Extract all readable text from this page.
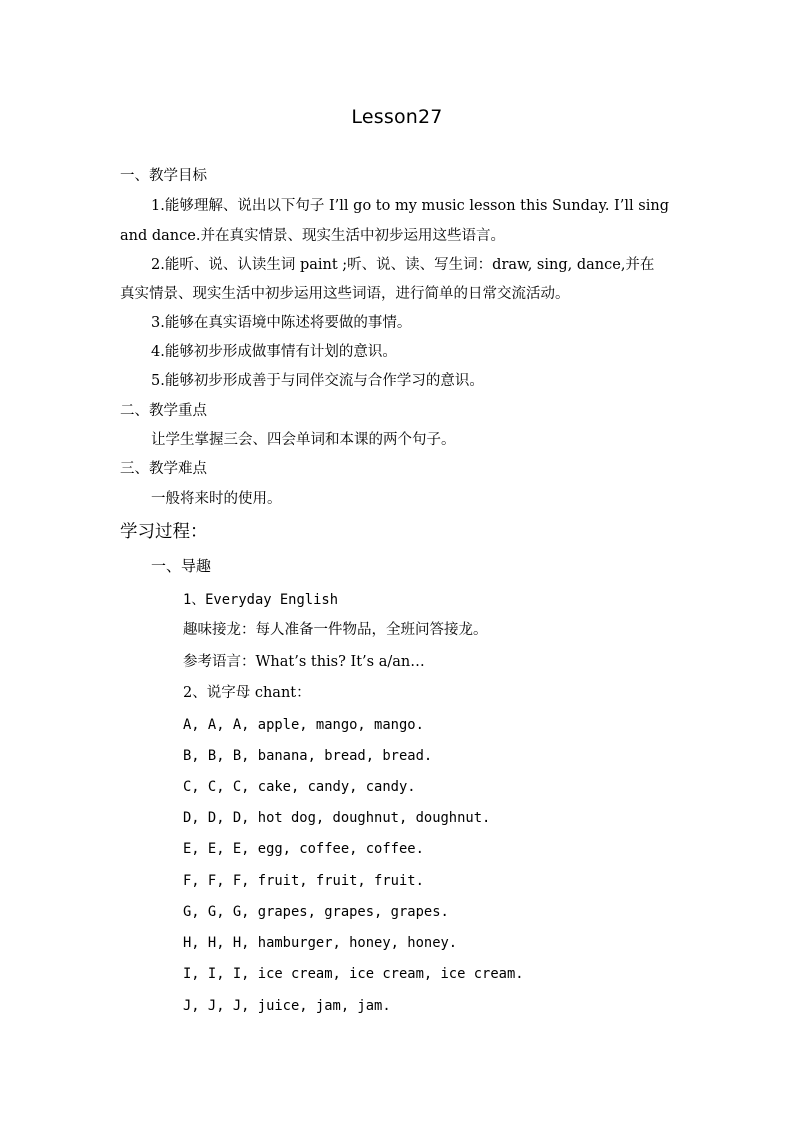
Lesson27
一、教学目标
1.能够理解、说出以下句子 I’ll go to my music lesson this Sunday. I’ll sing
and dance.并在真实情景、现实生活中初步运用这些语言。
2.能听、说、认读生词 paint ;听、说、读、写生词：draw, sing, dance,并在
真实情景、现实生活中初步运用这些词语，进行简单的日常交流活动。
3.能够在真实语境中陈述将要做的事情。
4.能够初步形成做事情有计划的意识。
5.能够初步形成善于与同伴交流与合作学习的意识。
二、教学重点
让学生掌握三会、四会单词和本课的两个句子。
三、教学难点
一般将来时的使用。
学习过程：
一、导趣
1、Everyday English
趣味接龙：每人准备一件物品，全班问答接龙。
参考语言：What’s this? It’s a/an…
2、说字母 chant：
A, A, A, apple, mango, mango.
B, B, B, banana, bread, bread.
C, C, C, cake, candy, candy.
D, D, D, hot dog, doughnut, doughnut.
E, E, E, egg, coffee, coffee.
F, F, F, fruit, fruit, fruit.
G, G, G, grapes, grapes, grapes.
H, H, H, hamburger, honey, honey.
I, I, I, ice cream, ice cream, ice cream.
J, J, J, juice, jam, jam.
